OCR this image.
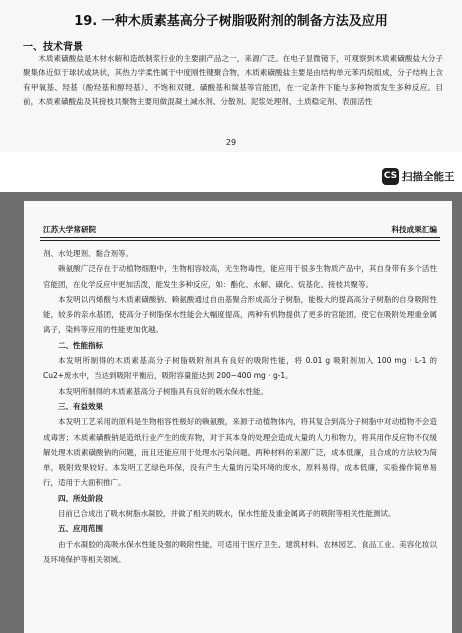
19. 一种木质素基高分子树脂吸附剂的制备方法及应用
一、技术背景
木质素磺酸盐是木材水解和造纸制浆行业的主要副产品之一，来源广泛。在电子显微镜下，可观察到木质素磺酸盐大分子聚集体近似于球状或块状，其热力学柔性属于中度刚性键聚合物，木质素磺酸盐主要是由结构单元苯丙烷组成，分子结构上含有甲氧基、羟基（酚羟基和醇羟基）、不饱和双键、磺酸基和羰基等官能团，在一定条件下能与多种物质发生多种反应。目前，木质素磺酸盐及其接枝共聚物主要用做混凝土减水剂、分散剂、泥浆处理剂、土质稳定剂、表面活性
29
CS 扫描全能王
江苏大学常研院	科技成果汇编

剂、水处理剂、黏合剂等。

赖氨酸广泛存在于动植物细胞中，生物相容较高，无生物毒性，能应用于很多生物质产品中，其自身带有多个活性官能团，在化学反应中更加活泼，能发生多种反应，如：酯化、水解、磺化、烷基化、接枝共聚等。

本发明以丙烯酸与木质素磺酸钠、赖氨酸通过自由基聚合形成高分子树脂，能极大的提高高分子树脂的自身吸附性能，较多的亲水基团，使高分子树脂保水性能会大幅度提高，两种有机物提供了更多的官能团，使它在吸附处理重金属离子，染料等应用的性能更加优越。

二、性能指标

本发明所制得的木质素基高分子树脂吸附剂具有良好的吸附性能，将 0.01 g 吸附剂加入 100 mg · L-1 的 Cu2+废水中，当达到吸附平衡后，吸附容量能达到 200~400 mg · g-1。

本发明所制得的木质素基高分子树脂具有良好的吸水保水性能。

三、有益效果

本发明工艺采用的原料是生物相容性极好的赖氨酸，来源于动植物体内，将其复合到高分子树脂中对动植物不会造成毒害；木质素磺酸钠是造纸行业产生的废弃物，对于其本身的处理会造成大量的人力和物力，将其用作反应物不仅缓解处理木质素磺酸钠的问题，而且还能应用于处理水污染问题。两种材料的来源广泛，成本低廉，且合成的方法较为简单，吸附效果较好。本发明工艺绿色环保，没有产生大量的污染环境的废水，原料易得，成本低廉，实验操作简单易行，适用于大面积推广。

四、所处阶段

目前已合成出了吸水树脂水凝胶，并做了相关的吸水，保水性能及重金属离子的吸附等相关性能测试。

五、应用范围

由于水凝胶的高吸水保水性能及强的吸附性能，可适用于医疗卫生、建筑材料、农林园艺、食品工业、美容化妆以及环境保护等相关领域。
